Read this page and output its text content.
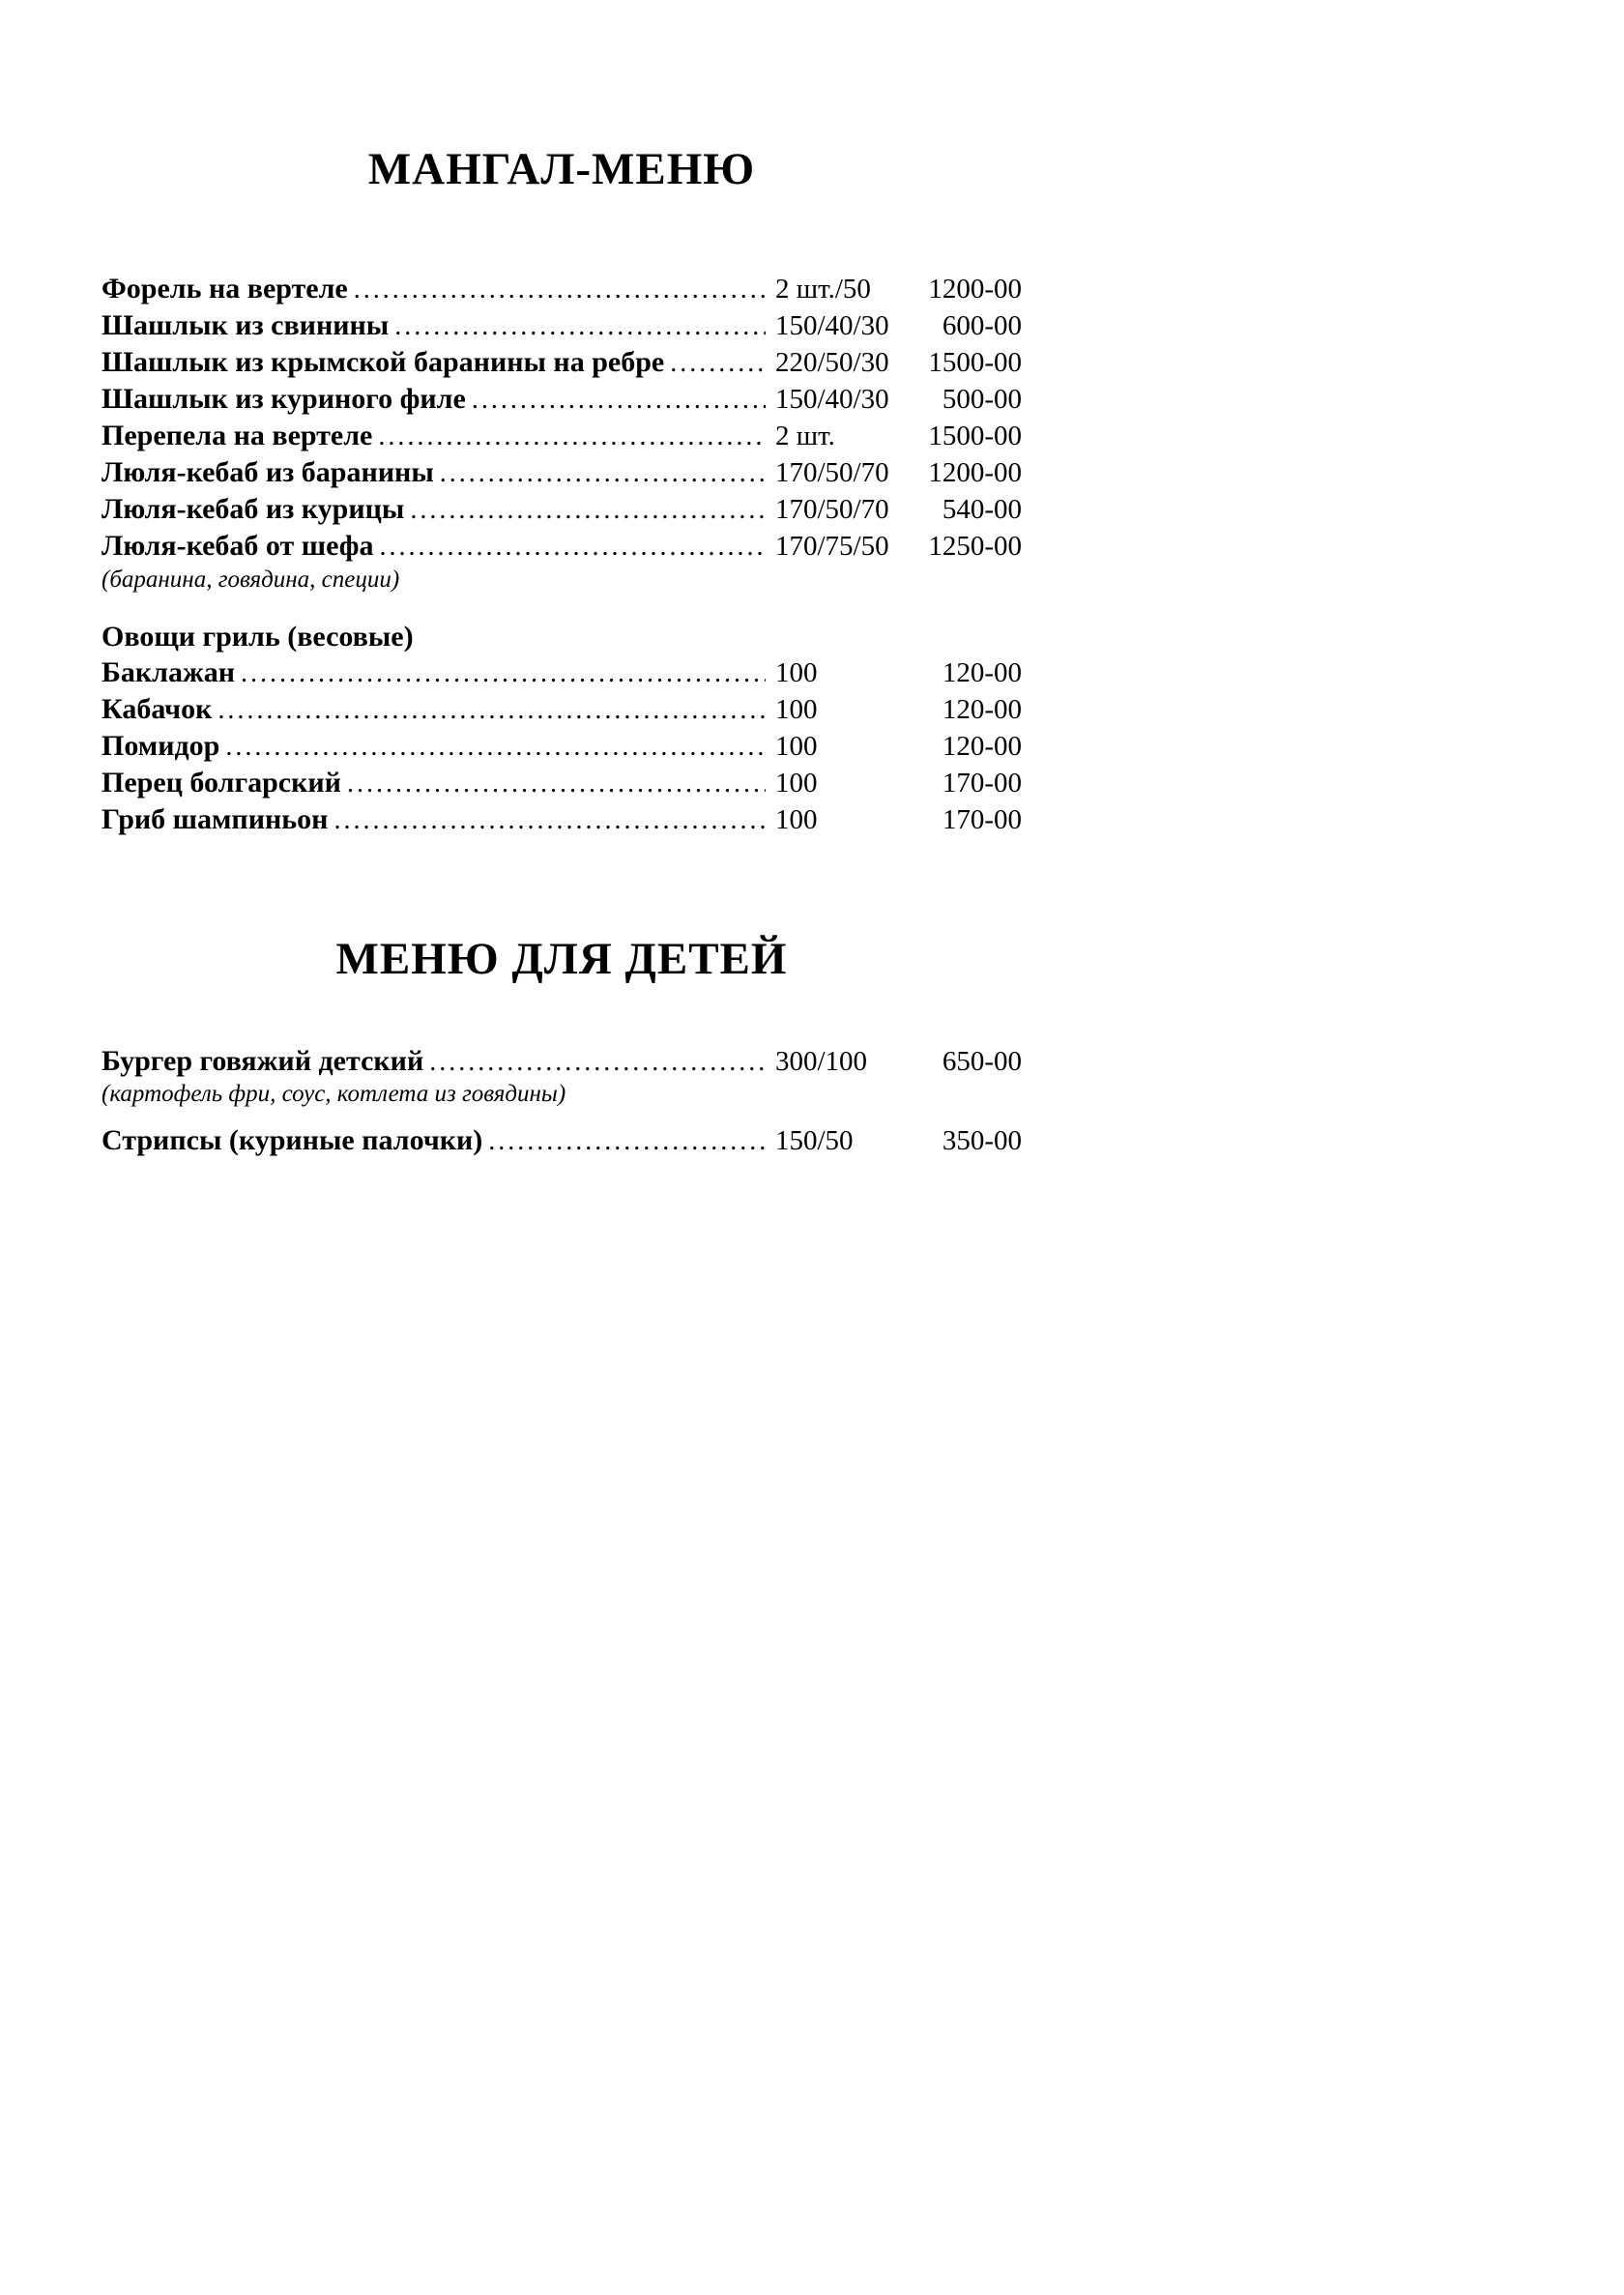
МАНГАЛ-МЕНЮ
Форель на вертеле .....	2 шт./50	1200-00
Шашлык из свинины .....	150/40/30	600-00
Шашлык из крымской баранины на ребре .....	220/50/30	1500-00
Шашлык из куриного филе .....	150/40/30	500-00
Перепела на вертеле .....	2 шт.	1500-00
Люля-кебаб из баранины .....	170/50/70	1200-00
Люля-кебаб из курицы .....	170/50/70	540-00
Люля-кебаб от шефа .....	170/75/50	1250-00
(баранина, говядина, специи)
Овощи гриль (весовые)
Баклажан .....	100	120-00
Кабачок .....	100	120-00
Помидор .....	100	120-00
Перец болгарский .....	100	170-00
Гриб шампиньон .....	100	170-00
МЕНЮ ДЛЯ ДЕТЕЙ
Бургер говяжий детский .....	300/100	650-00
(картофель фри, соус, котлета из говядины)
Стрипсы (куриные палочки) .....	150/50	350-00
